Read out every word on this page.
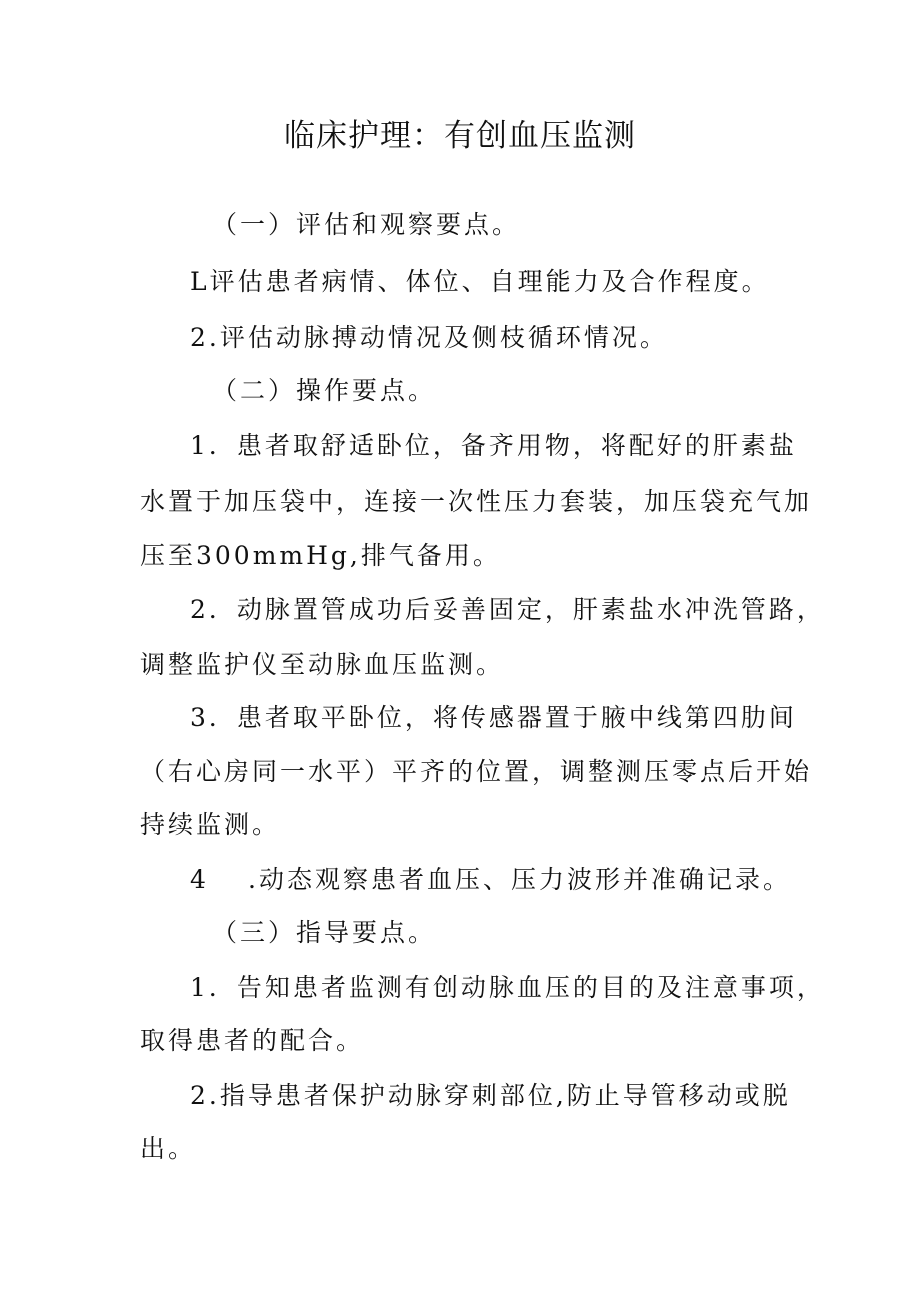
临床护理：有创血压监测
（一）评估和观察要点。
L评估患者病情、体位、自理能力及合作程度。
2.评估动脉搏动情况及侧枝循环情况。
（二）操作要点。
1．患者取舒适卧位，备齐用物，将配好的肝素盐
水置于加压袋中，连接一次性压力套装，加压袋充气加
压至300mmHg,排气备用。
2．动脉置管成功后妥善固定，肝素盐水冲洗管路，
调整监护仪至动脉血压监测。
3．患者取平卧位，将传感器置于腋中线第四肋间
（右心房同一水平）平齐的位置，调整测压零点后开始
持续监测。
4 .动态观察患者血压、压力波形并准确记录。
（三）指导要点。
1．告知患者监测有创动脉血压的目的及注意事项，
取得患者的配合。
2.指导患者保护动脉穿刺部位,防止导管移动或脱
出。
